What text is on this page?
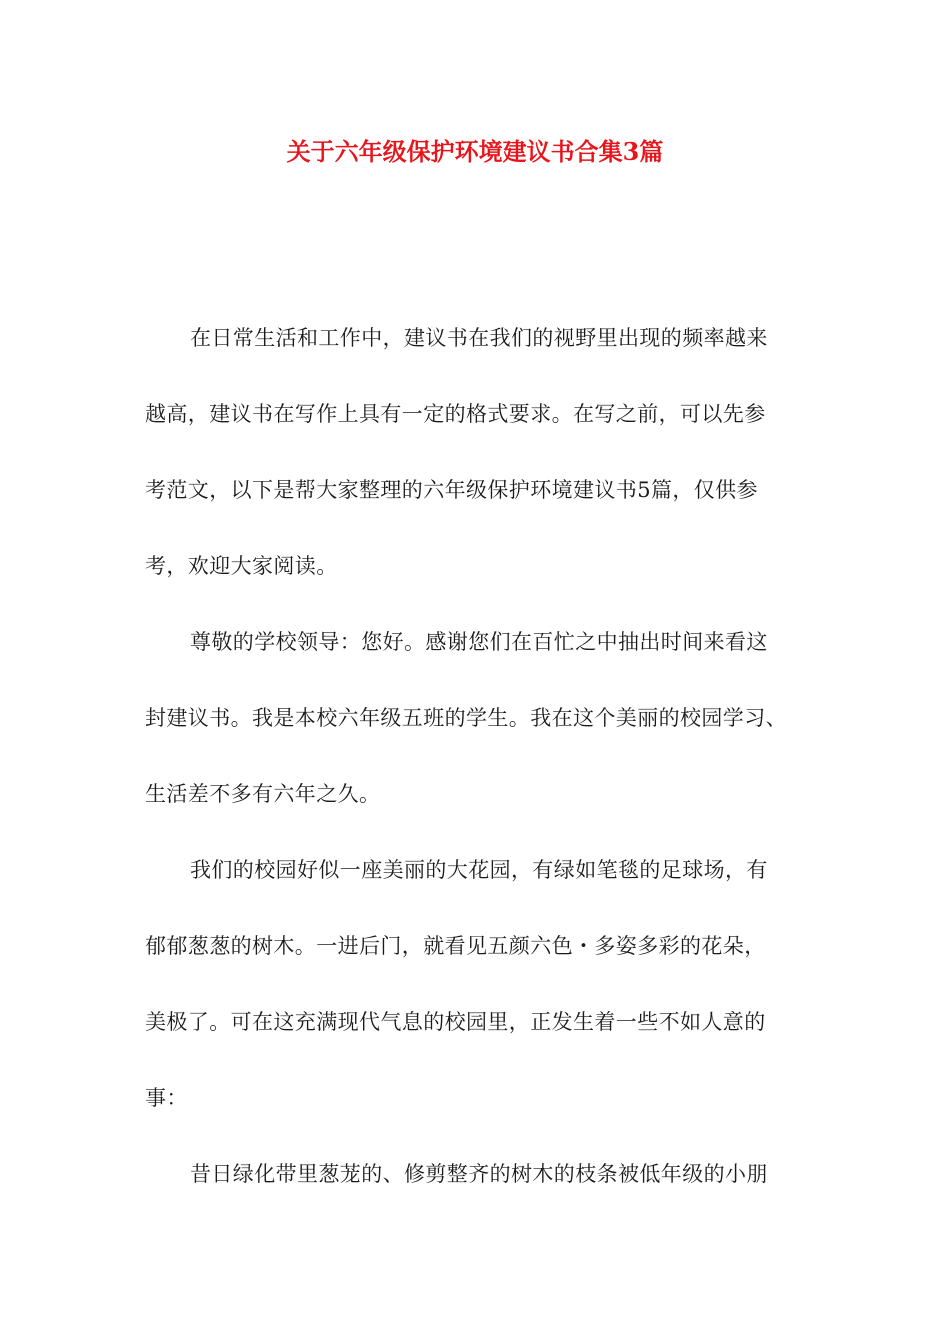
关于六年级保护环境建议书合集3篇
在日常生活和工作中，建议书在我们的视野里出现的频率越来
越高，建议书在写作上具有一定的格式要求。在写之前，可以先参
考范文，以下是帮大家整理的六年级保护环境建议书5篇，仅供参
考，欢迎大家阅读。
尊敬的学校领导：您好。感谢您们在百忙之中抽出时间来看这
封建议书。我是本校六年级五班的学生。我在这个美丽的校园学习、
生活差不多有六年之久。
我们的校园好似一座美丽的大花园，有绿如笔毯的足球场，有
郁郁葱葱的树木。一进后门，就看见五颜六色・多姿多彩的花朵，
美极了。可在这充满现代气息的校园里，正发生着一些不如人意的
事：
昔日绿化带里葱茏的、修剪整齐的树木的枝条被低年级的小朋
